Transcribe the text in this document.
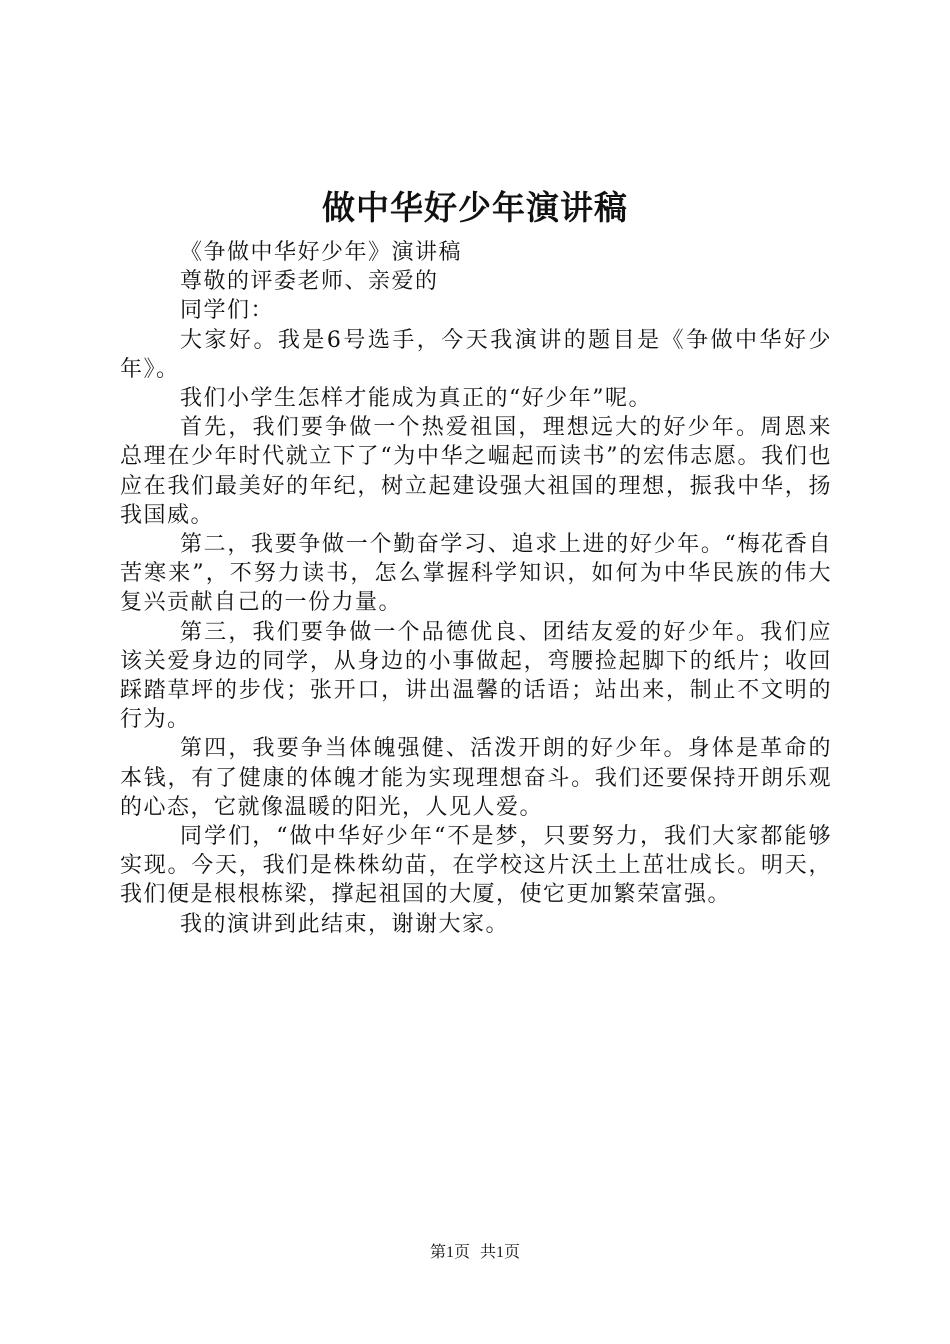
做中华好少年演讲稿

《争做中华好少年》演讲稿

尊敬的评委老师、亲爱的

同学们：

大家好。我是6号选手，今天我演讲的题目是《争做中华好少年》。

我们小学生怎样才能成为真正的“好少年”呢。

首先，我们要争做一个热爱祖国，理想远大的好少年。周恩来总理在少年时代就立下了“为中华之崛起而读书”的宏伟志愿。我们也应在我们最美好的年纪，树立起建设强大祖国的理想，振我中华，扬我国威。

第二，我要争做一个勤奋学习、追求上进的好少年。“梅花香自苦寒来”，不努力读书，怎么掌握科学知识，如何为中华民族的伟大复兴贡献自己的一份力量。

第三，我们要争做一个品德优良、团结友爱的好少年。我们应该关爱身边的同学，从身边的小事做起，弯腰捡起脚下的纸片；收回踩踏草坪的步伐；张开口，讲出温馨的话语；站出来，制止不文明的行为。

第四，我要争当体魄强健、活泼开朗的好少年。身体是革命的本钱，有了健康的体魄才能为实现理想奋斗。我们还要保持开朗乐观的心态，它就像温暖的阳光，人见人爱。

同学们，“做中华好少年“不是梦，只要努力，我们大家都能够实现。今天，我们是株株幼苗，在学校这片沃土上茁壮成长。明天，我们便是根根栋梁，撑起祖国的大厦，使它更加繁荣富强。

我的演讲到此结束，谢谢大家。

第1页 共1页
